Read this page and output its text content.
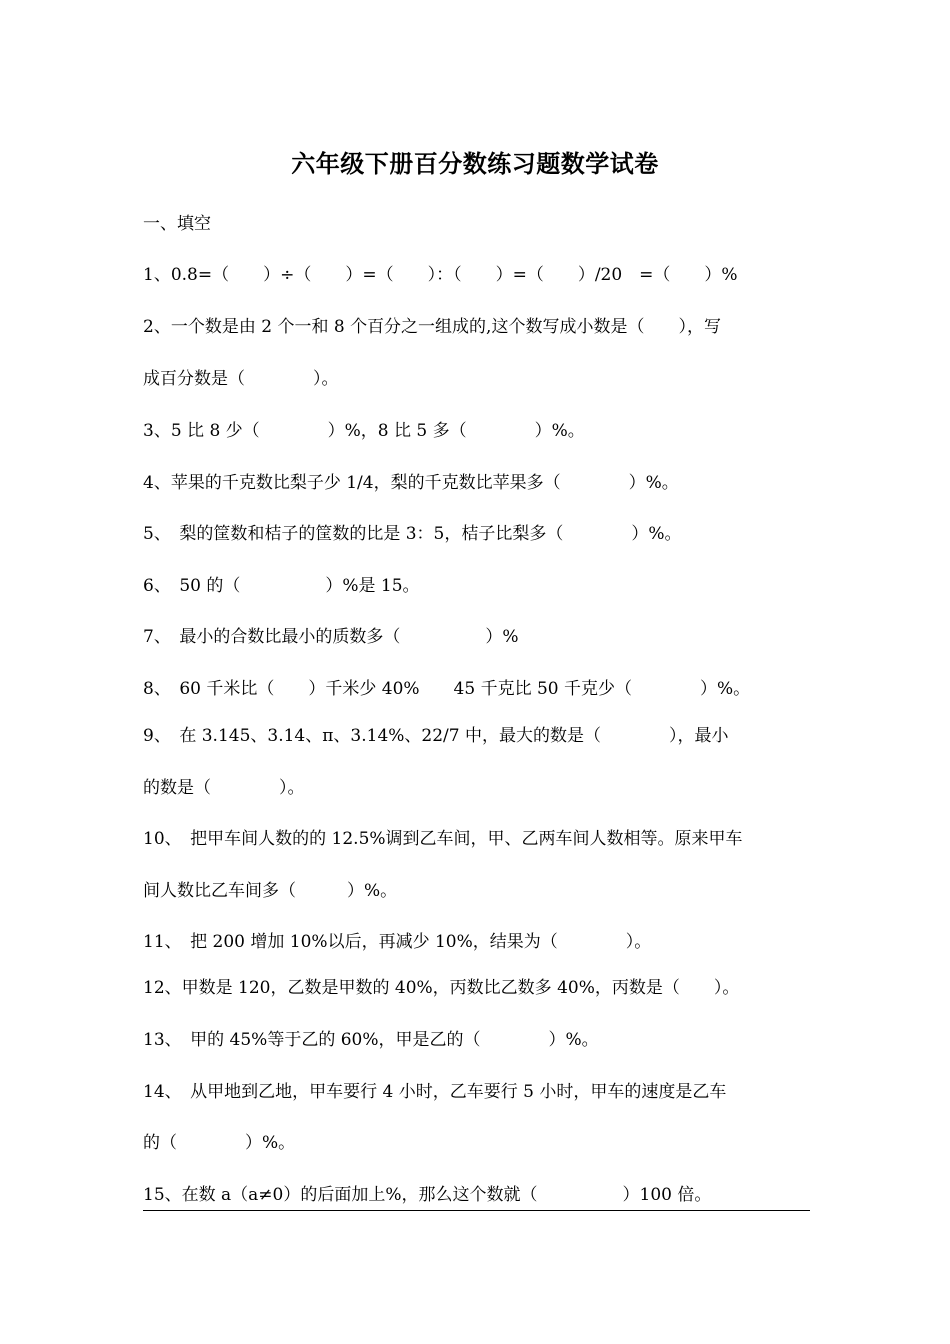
六年级下册百分数练习题数学试卷
一、填空
1、0.8=（　　）÷（　　）=（　　）：（　　）=（　　）/20　=（　　）%
2、一个数是由 2 个一和 8 个百分之一组成的,这个数写成小数是（　　），写
成百分数是（　　　　）。
3、5 比 8 少（　　　　）%，8 比 5 多（　　　　）%。
4、苹果的千克数比梨子少 1/4，梨的千克数比苹果多（　　　　）%。
5、　梨的筐数和桔子的筐数的比是 3：5，桔子比梨多（　　　　）%。
6、　50 的（　　　　　）%是 15。
7、　最小的合数比最小的质数多（　　　　　）%
8、　60 千米比（　　）千米少 40%　　45 千克比 50 千克少（　　　　）%。
9、　在 3.145、3.14、π、3.14%、22/7 中，最大的数是（　　　　），最小
的数是（　　　　）。
10、　把甲车间人数的的 12.5%调到乙车间，甲、乙两车间人数相等。原来甲车
间人数比乙车间多（　　　）%。
11、　把 200 增加 10%以后，再减少 10%，结果为（　　　　）。
12、甲数是 120，乙数是甲数的 40%，丙数比乙数多 40%，丙数是（　　）。
13、　甲的 45%等于乙的 60%，甲是乙的（　　　　）%。
14、　从甲地到乙地，甲车要行 4 小时，乙车要行 5 小时，甲车的速度是乙车
的（　　　　）%。
15、在数 a（a≠0）的后面加上%，那么这个数就（　　　　　）100 倍。
